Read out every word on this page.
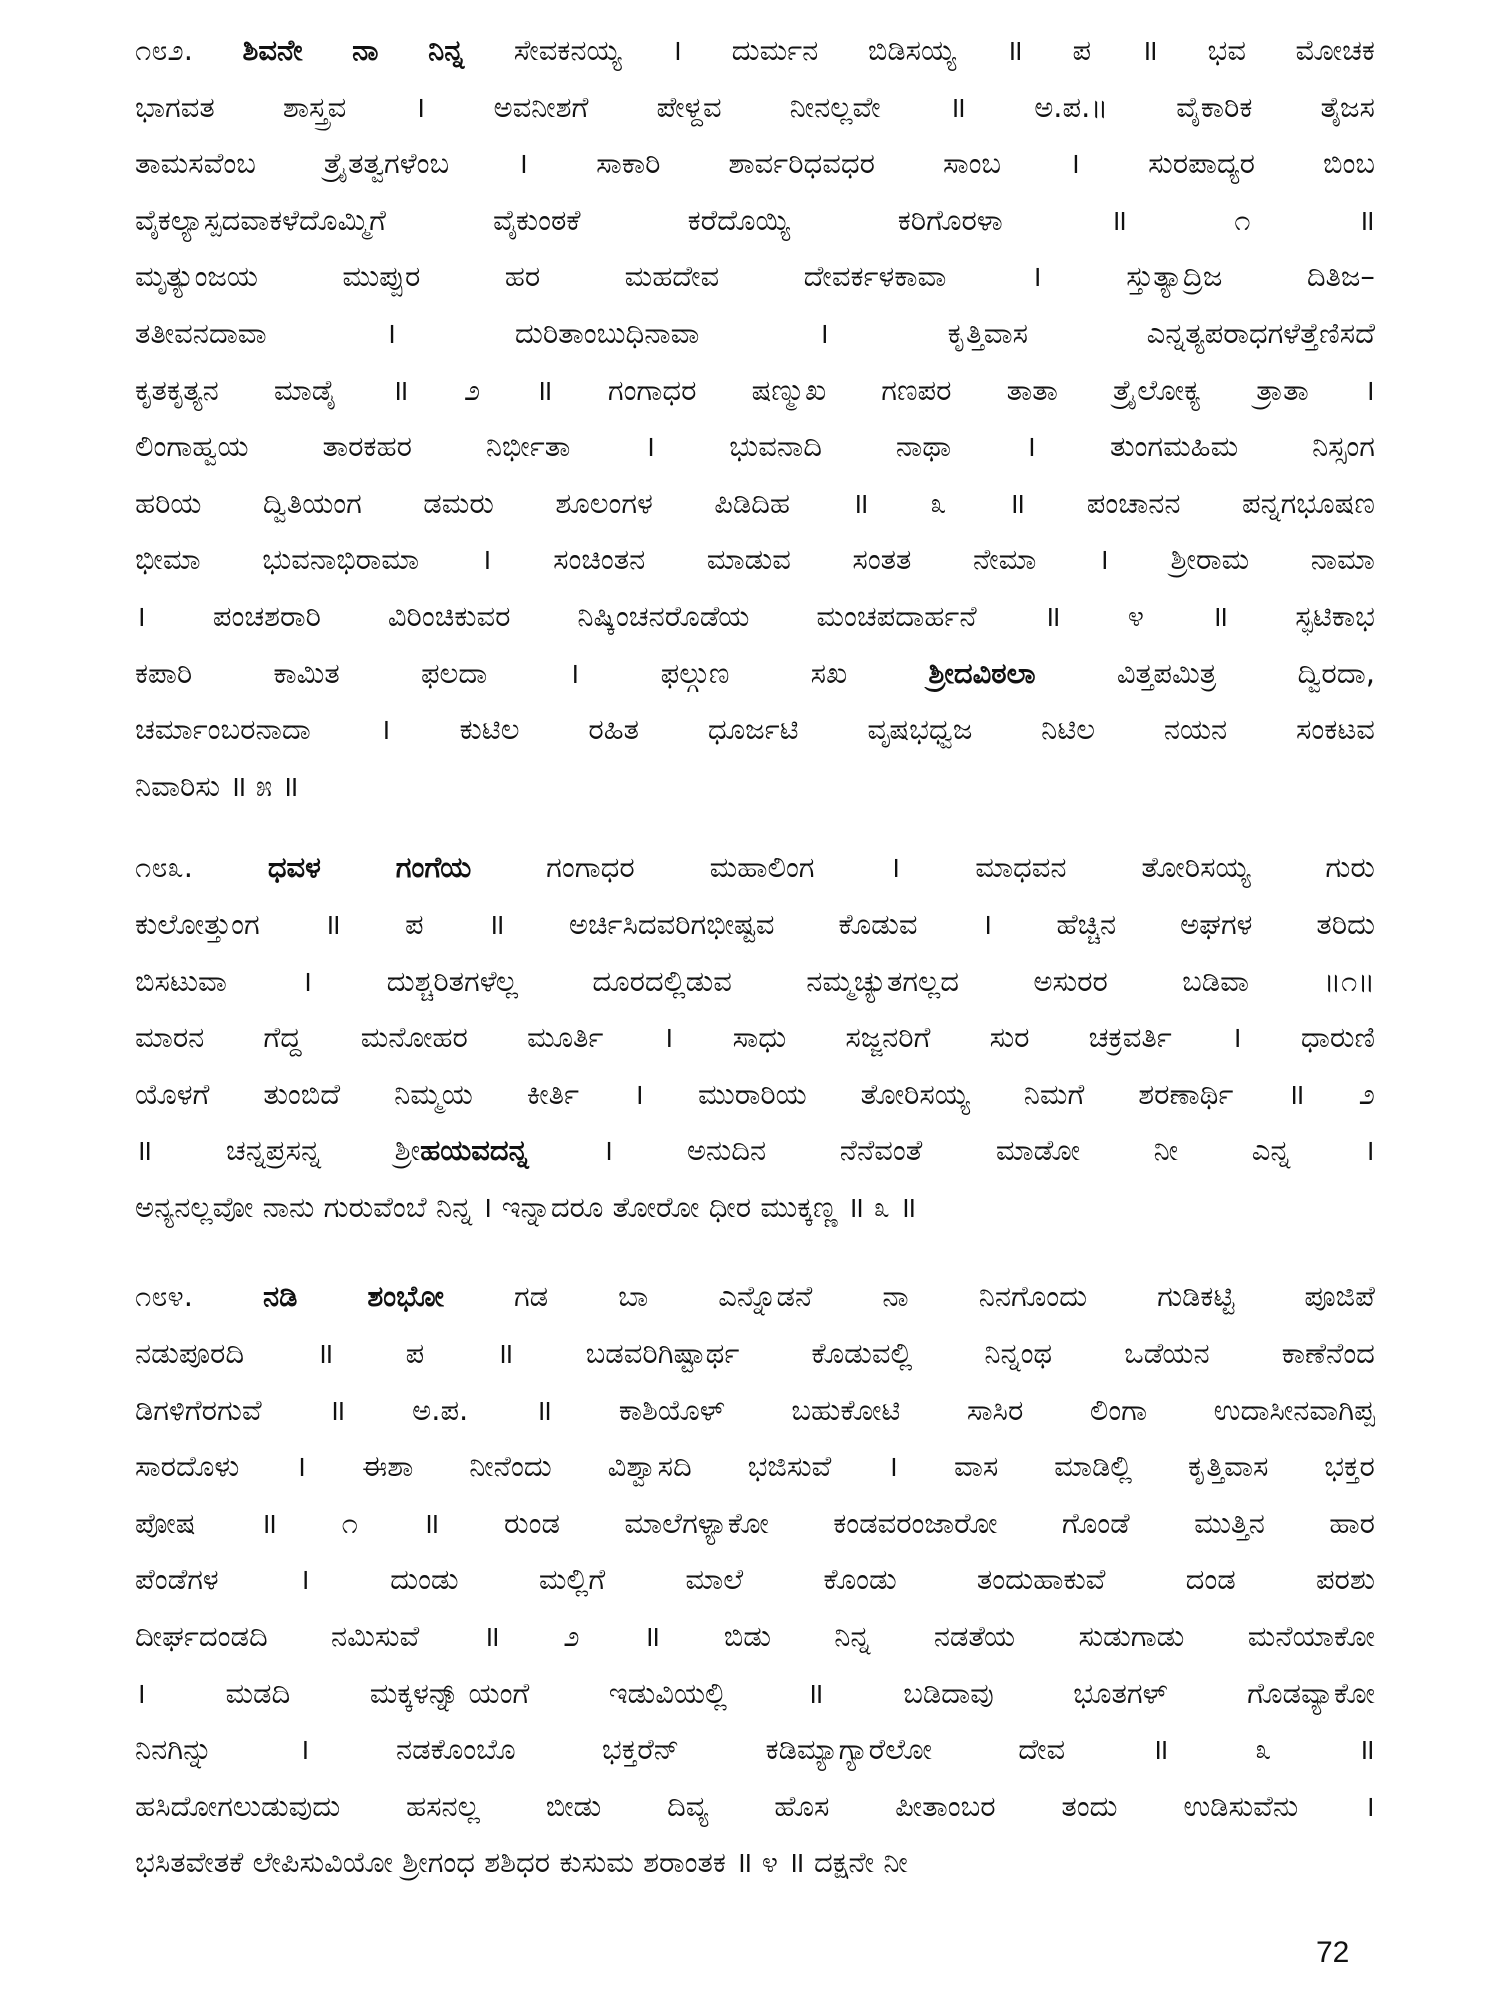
೧೮೨. ಶಿವನೇ ನಾ ನಿನ್ನ ಸೇವಕನಯ್ಯ । ದುರ್ಮನ ಬಿಡಿಸಯ್ಯ ॥ ಪ ॥ ಭವ ಮೋಚಕ
ಭಾಗವತ ಶಾಸ್ತ್ರವ । ಅವನೀಶಗೆ ಪೇಳ್ದವ ನೀನಲ್ಲವೇ ॥ ಅ.ಪ.॥ ವೈಕಾರಿಕ ತೈಜಸ
ತಾಮಸವೆಂಬ ತ್ರೈತತ್ವಗಳೆಂಬ । ಸಾಕಾರಿ ಶಾರ್ವರಿಧವಧರ ಸಾಂಬ । ಸುರಪಾದ್ಯರ ಬಿಂಬ
ವೈಕಲ್ಯಾಸ್ಪದವಾಕಳೆದೊಮ್ಮಿಗೆ	ವೈಕುಂಠಕೆ	ಕರೆದೊಯ್ಯಿ	ಕರಿಗೊರಳಾ	॥	೧	॥
ಮೃತ್ಯುಂಜಯ	ಮುಪ್ಪುರ	ಹರ	ಮಹದೇವ	ದೇವರ್ಕಳಕಾವಾ	।	ಸ್ತುತ್ಯಾದ್ರಿಜ	ದಿತಿಜ–
ತತೀವನದಾವಾ	।	ದುರಿತಾಂಬುಧಿನಾವಾ	।	ಕೃತ್ತಿವಾಸ	ಎನ್ನತ್ಯಪರಾಧಗಳೆತ್ತೆಣಿಸದೆ
ಕೃತಕೃತ್ಯನ ಮಾಡೈ ॥ ೨ ॥ ಗಂಗಾಧರ ಷಣ್ಮುಖ ಗಣಪರ ತಾತಾ ತ್ರೈಲೋಕ್ಯ ತ್ರಾತಾ ।
ಲಿಂಗಾಹ್ವಯ	ತಾರಕಹರ	ನಿರ್ಭೀತಾ	।	ಭುವನಾದಿ	ನಾಥಾ	।	ತುಂಗಮಹಿಮ	ನಿಸ್ಸಂಗ
ಹರಿಯ ದ್ವಿತಿಯಂಗ ಡಮರು ಶೂಲಂಗಳ ಪಿಡಿದಿಹ ॥ ೩ ॥ ಪಂಚಾನನ ಪನ್ನಗಭೂಷಣ
ಭೀಮಾ ಭುವನಾಭಿರಾಮಾ । ಸಂಚಿಂತನ ಮಾಡುವ ಸಂತತ ನೇಮಾ । ಶ್ರೀರಾಮ ನಾಮಾ
। ಪಂಚಶರಾರಿ ವಿರಿಂಚಿಕುವರ ನಿಷ್ಕಿಂಚನರೊಡೆಯ ಮಂಚಪದಾರ್ಹನೆ ॥ ೪ ॥ ಸ್ಫಟಿಕಾಭ
ಕಪಾರಿ	ಕಾಮಿತ	ಫಲದಾ	।	ಫಲ್ಗುಣ	ಸಖ	ಶ್ರೀದವಿಠಲಾ	ವಿತ್ತಪಮಿತ್ರ	ದ್ವಿರದಾ,
ಚರ್ಮಾಂಬರನಾದಾ । ಕುಟಿಲ ರಹಿತ ಧೂರ್ಜಟಿ ವೃಷಭಧ್ವಜ ನಿಟಿಲ ನಯನ ಸಂಕಟವ
ನಿವಾರಿಸು ॥ ೫ ॥
೧೮೩.	ಧವಳ	ಗಂಗೆಯ	ಗಂಗಾಧರ	ಮಹಾಲಿಂಗ	।	ಮಾಧವನ	ತೋರಿಸಯ್ಯ	ಗುರು
ಕುಲೋತ್ತುಂಗ ॥ ಪ ॥ ಅರ್ಚಿಸಿದವರಿಗಭೀಷ್ಟವ ಕೊಡುವ । ಹೆಚ್ಚಿನ ಅಘಗಳ ತರಿದು
ಬಿಸಟುವಾ	।	ದುಶ್ಚರಿತಗಳೆಲ್ಲ	ದೂರದಲ್ಲಿಡುವ	ನಮ್ಮಚ್ಯುತಗಲ್ಲದ	ಅಸುರರ	ಬಡಿವಾ	॥೧॥
ಮಾರನ ಗೆದ್ದ ಮನೋಹರ ಮೂರ್ತಿ । ಸಾಧು ಸಜ್ಜನರಿಗೆ ಸುರ ಚಕ್ರವರ್ತಿ । ಧಾರುಣಿ
ಯೊಳಗೆ ತುಂಬಿದೆ ನಿಮ್ಮಯ ಕೀರ್ತಿ । ಮುರಾರಿಯ ತೋರಿಸಯ್ಯ ನಿಮಗೆ ಶರಣಾರ್ಥಿ ॥ ೨
॥	ಚನ್ನಪ್ರಸನ್ನ	ಶ್ರೀಹಯವದನ್ನ	।	ಅನುದಿನ	ನೆನೆವಂತೆ	ಮಾಡೋ	ನೀ	ಎನ್ನ	।
ಅನ್ಯನಲ್ಲವೋ ನಾನು ಗುರುವೆಂಬೆ ನಿನ್ನ । ಇನ್ನಾದರೂ ತೋರೋ ಧೀರ ಮುಕ್ಕಣ್ಣ ॥ ೩ ॥
೧೮೪. ನಡಿ ಶಂಭೋ ಗಡ ಬಾ ಎನ್ನೊಡನೆ ನಾ ನಿನಗೊಂದು ಗುಡಿಕಟ್ಟಿ ಪೂಜಿಪೆ
ನಡುಪೂರದಿ ॥ ಪ ॥ ಬಡವರಿಗಿಷ್ಟಾರ್ಥ ಕೊಡುವಲ್ಲಿ ನಿನ್ನಂಥ ಒಡೆಯನ ಕಾಣೆನೆಂದ
ಡಿಗಳಿಗೆರಗುವೆ ॥ ಅ.ಪ. ॥ ಕಾಶಿಯೊಳ್ ಬಹುಕೋಟಿ ಸಾಸಿರ ಲಿಂಗಾ ಉದಾಸೀನವಾಗಿಪ್ಪ
ಸಾರದೊಳು । ಈಶಾ ನೀನೆಂದು ವಿಶ್ವಾಸದಿ ಭಜಿಸುವೆ । ವಾಸ ಮಾಡಿಲ್ಲಿ ಕೃತ್ತಿವಾಸ ಭಕ್ತರ
ಪೋಷ ॥ ೧ ॥ ರುಂಡ ಮಾಲೆಗಳ್ಯಾಕೋ ಕಂಡವರಂಜಾರೋ ಗೊಂಡೆ ಮುತ್ತಿನ ಹಾರ
ಪೆಂಡೆಗಳ	।	ದುಂಡು	ಮಲ್ಲಿಗೆ	ಮಾಲೆ	ಕೊಂಡು	ತಂದುಹಾಕುವೆ	ದಂಡ	ಪರಶು
ದೀರ್ಘದಂಡದಿ ನಮಿಸುವೆ ॥ ೨ ॥ ಬಿಡು ನಿನ್ನ ನಡತೆಯ ಸುಡುಗಾಡು ಮನೆಯಾಕೋ
।	ಮಡದಿ	ಮಕ್ಕಳನ್ನಾ್ಯಂಗೆ	ಇಡುವಿಯಲ್ಲಿ	॥	ಬಡಿದಾವು	ಭೂತಗಳ್	ಗೊಡವ್ಯಾಕೋ
ನಿನಗಿನ್ನು	।	ನಡಕೊಂಬೊ	ಭಕ್ತರೆನ್	ಕಡಿಮ್ಯಾಗ್ಯಾರೆಲೋ	ದೇವ	॥	೩	॥
ಹಸಿದೋಗಲುಡುವುದು ಹಸನಲ್ಲ ಬೀಡು ದಿವ್ಯ ಹೊಸ ಪೀತಾಂಬರ ತಂದು ಉಡಿಸುವೆನು ।
ಭಸಿತವೇತಕೆ ಲೇಪಿಸುವಿಯೋ ಶ್ರೀಗಂಧ ಶಶಿಧರ ಕುಸುಮ ಶರಾಂತಕ ॥ ೪ ॥ ದಕ್ಷನೇ ನೀ
72
